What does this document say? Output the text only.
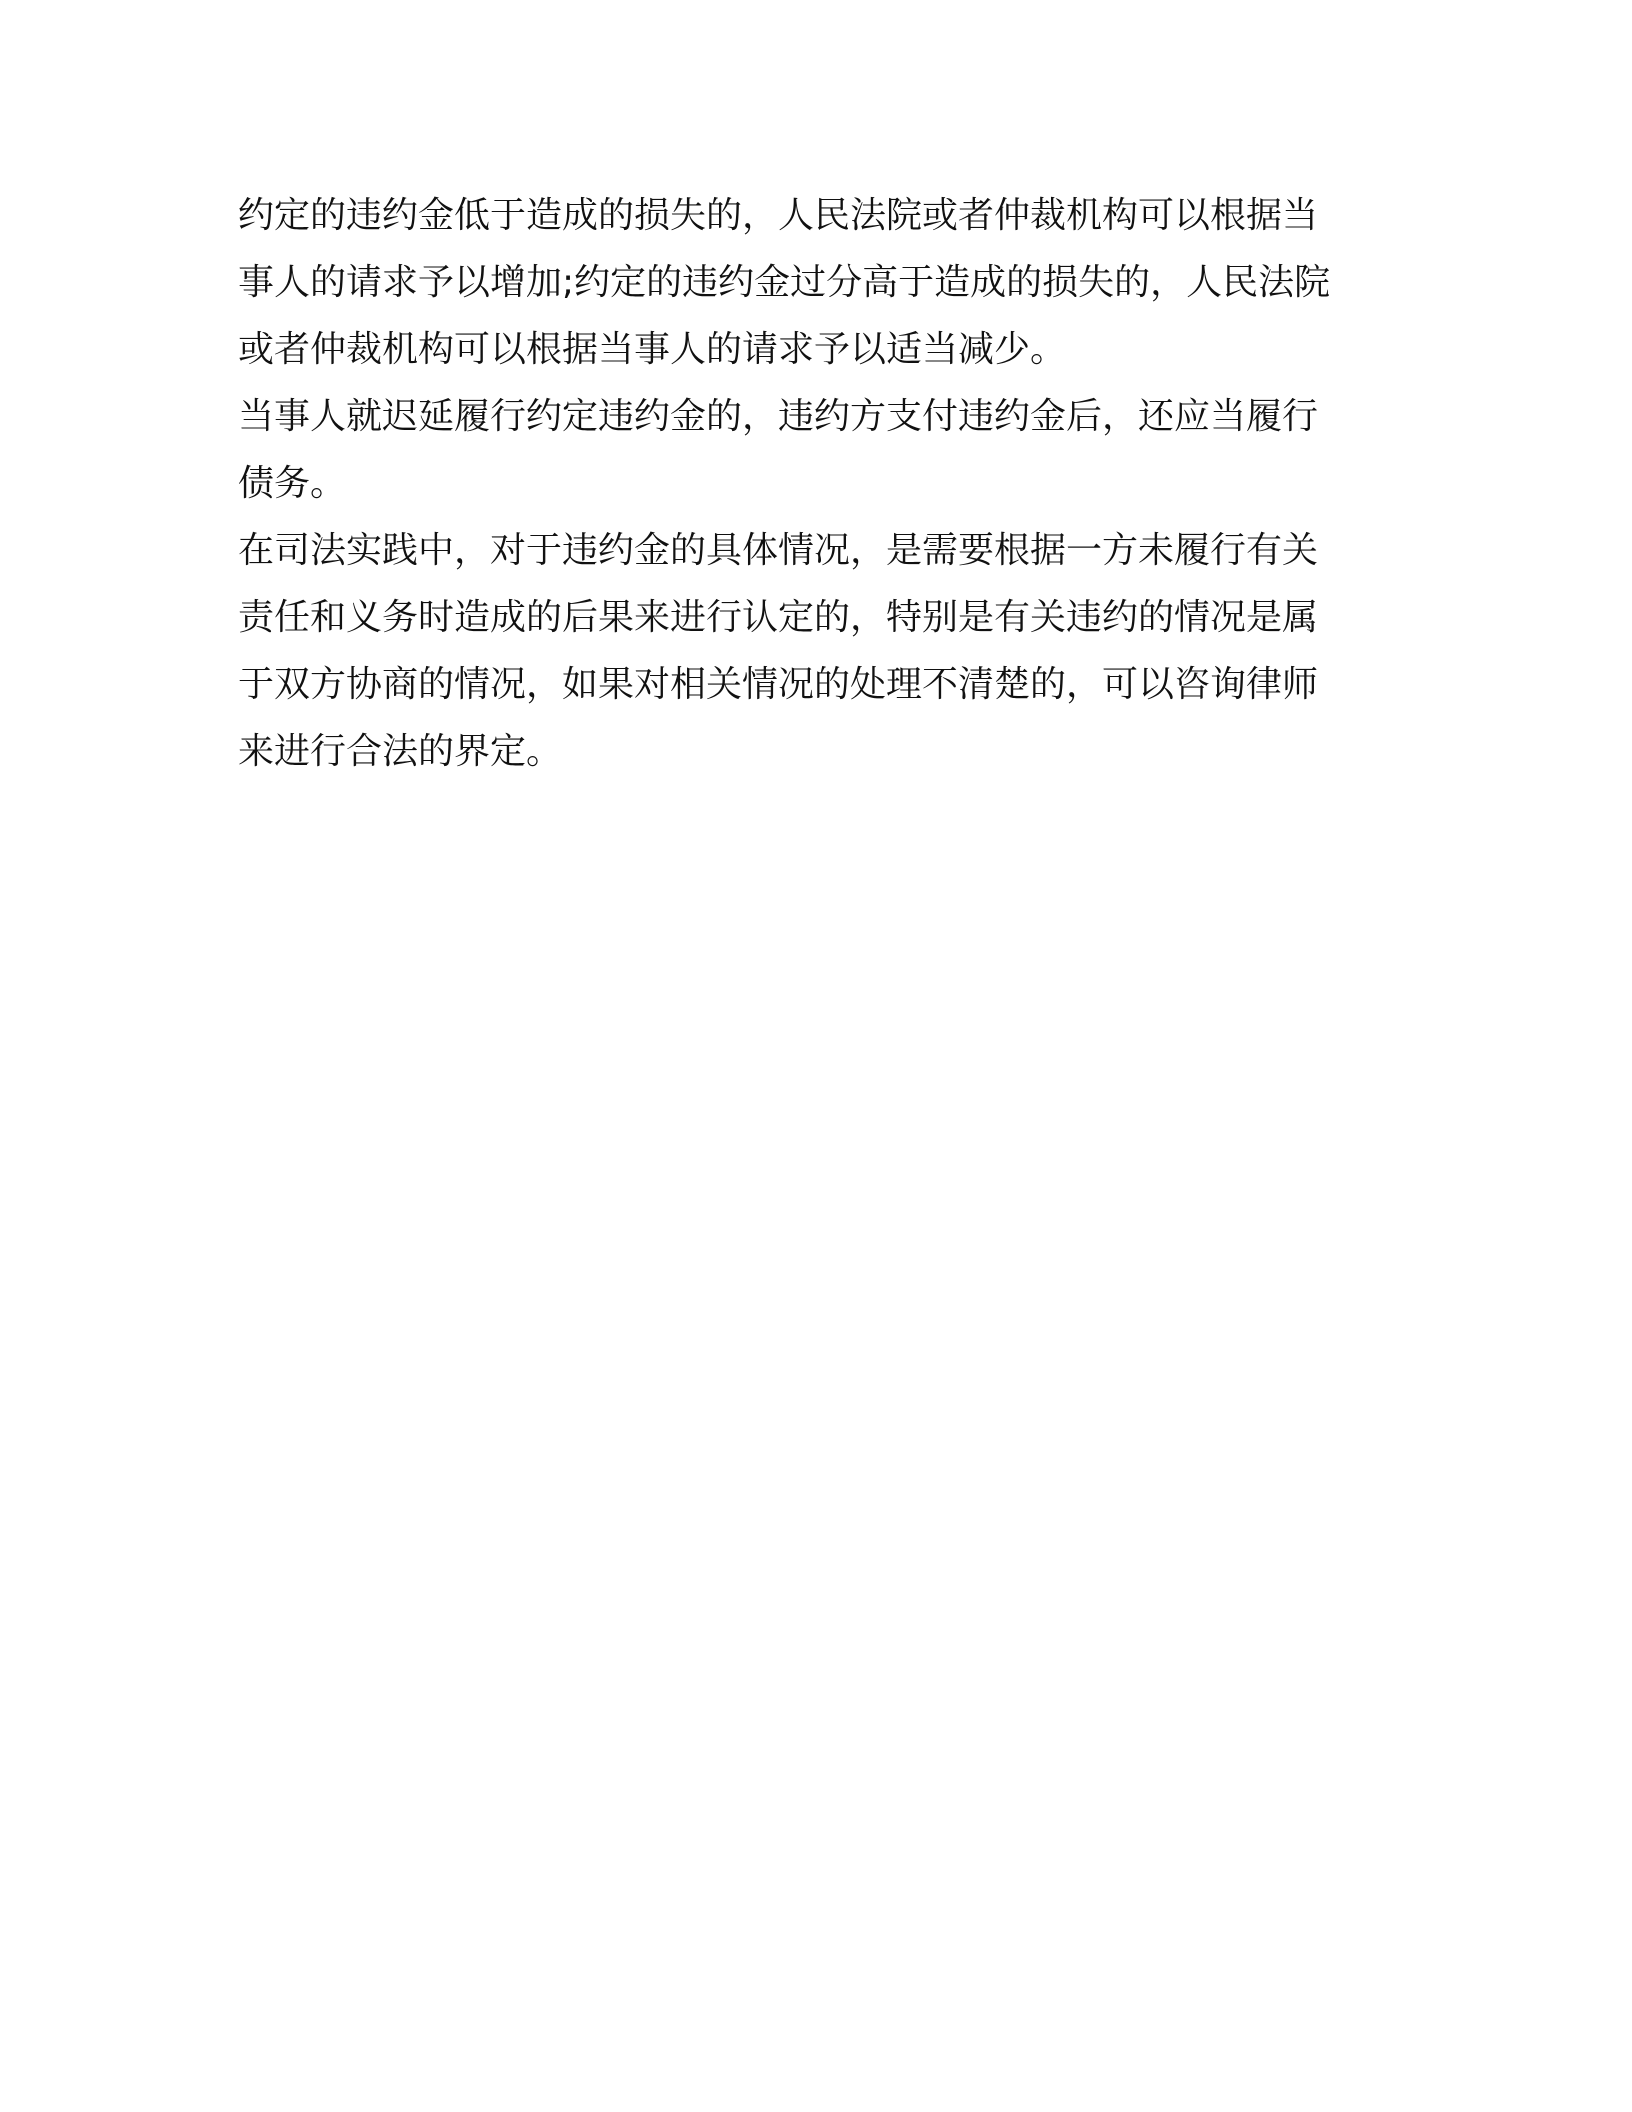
约定的违约金低于造成的损失的，人民法院或者仲裁机构可以根据当
事人的请求予以增加;约定的违约金过分高于造成的损失的，人民法院
或者仲裁机构可以根据当事人的请求予以适当减少。
当事人就迟延履行约定违约金的，违约方支付违约金后，还应当履行
债务。
在司法实践中，对于违约金的具体情况，是需要根据一方未履行有关
责任和义务时造成的后果来进行认定的，特别是有关违约的情况是属
于双方协商的情况，如果对相关情况的处理不清楚的，可以咨询律师
来进行合法的界定。
